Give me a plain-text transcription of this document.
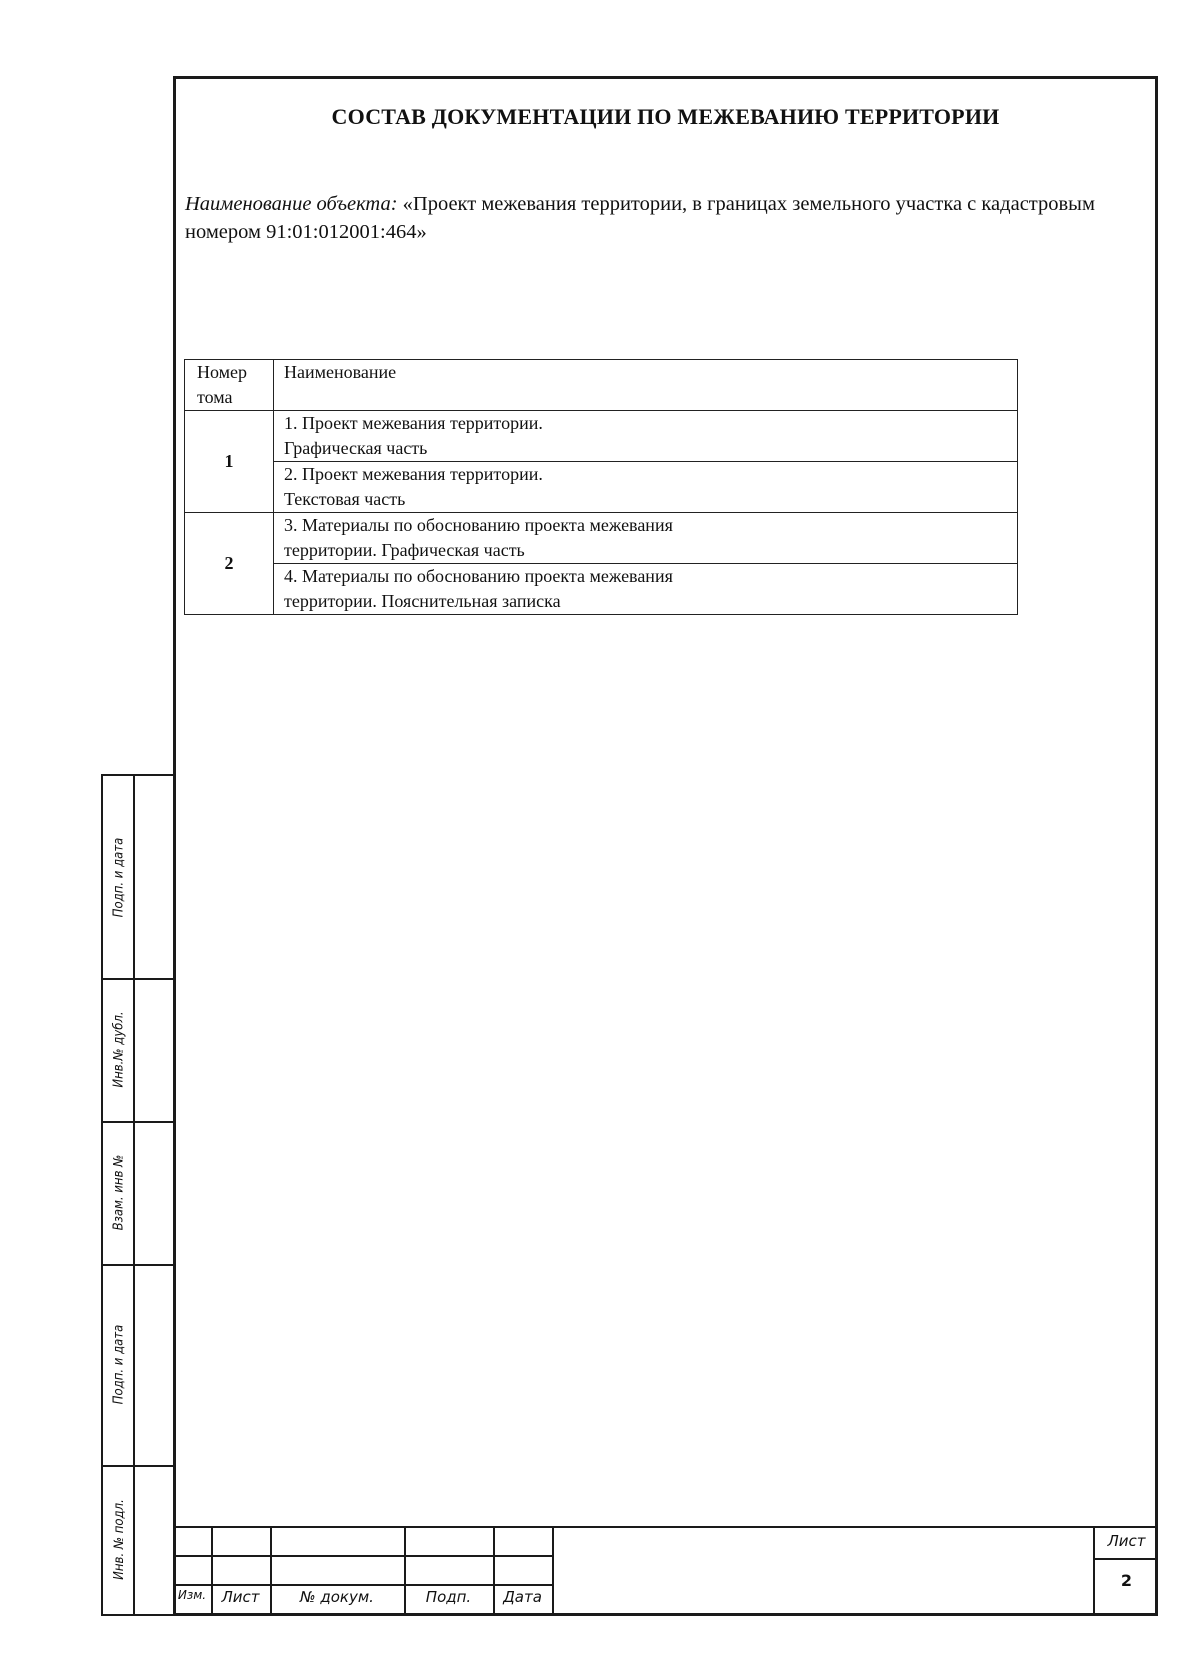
СОСТАВ ДОКУМЕНТАЦИИ ПО МЕЖЕВАНИЮ ТЕРРИТОРИИ
Наименование объекта: «Проект межевания территории, в границах земельного участка с кадастровым номером 91:01:012001:464»
Номер тома	Наименование
1	1. Проект межевания территории.
Графическая часть

	2. Проект межевания территории.
Текстовая часть

2	3. Материалы по обоснованию проекта межевания
территории. Графическая часть

	4. Материалы по обоснованию проекта межевания
территории. Пояснительная записка
Подп. и дата
Инв.№ дубл.
Взам. инв №
Подп. и дата
Инв. № подл.
Изм.	Лист	№ докум.	Подп.	Дата
Лист
2
